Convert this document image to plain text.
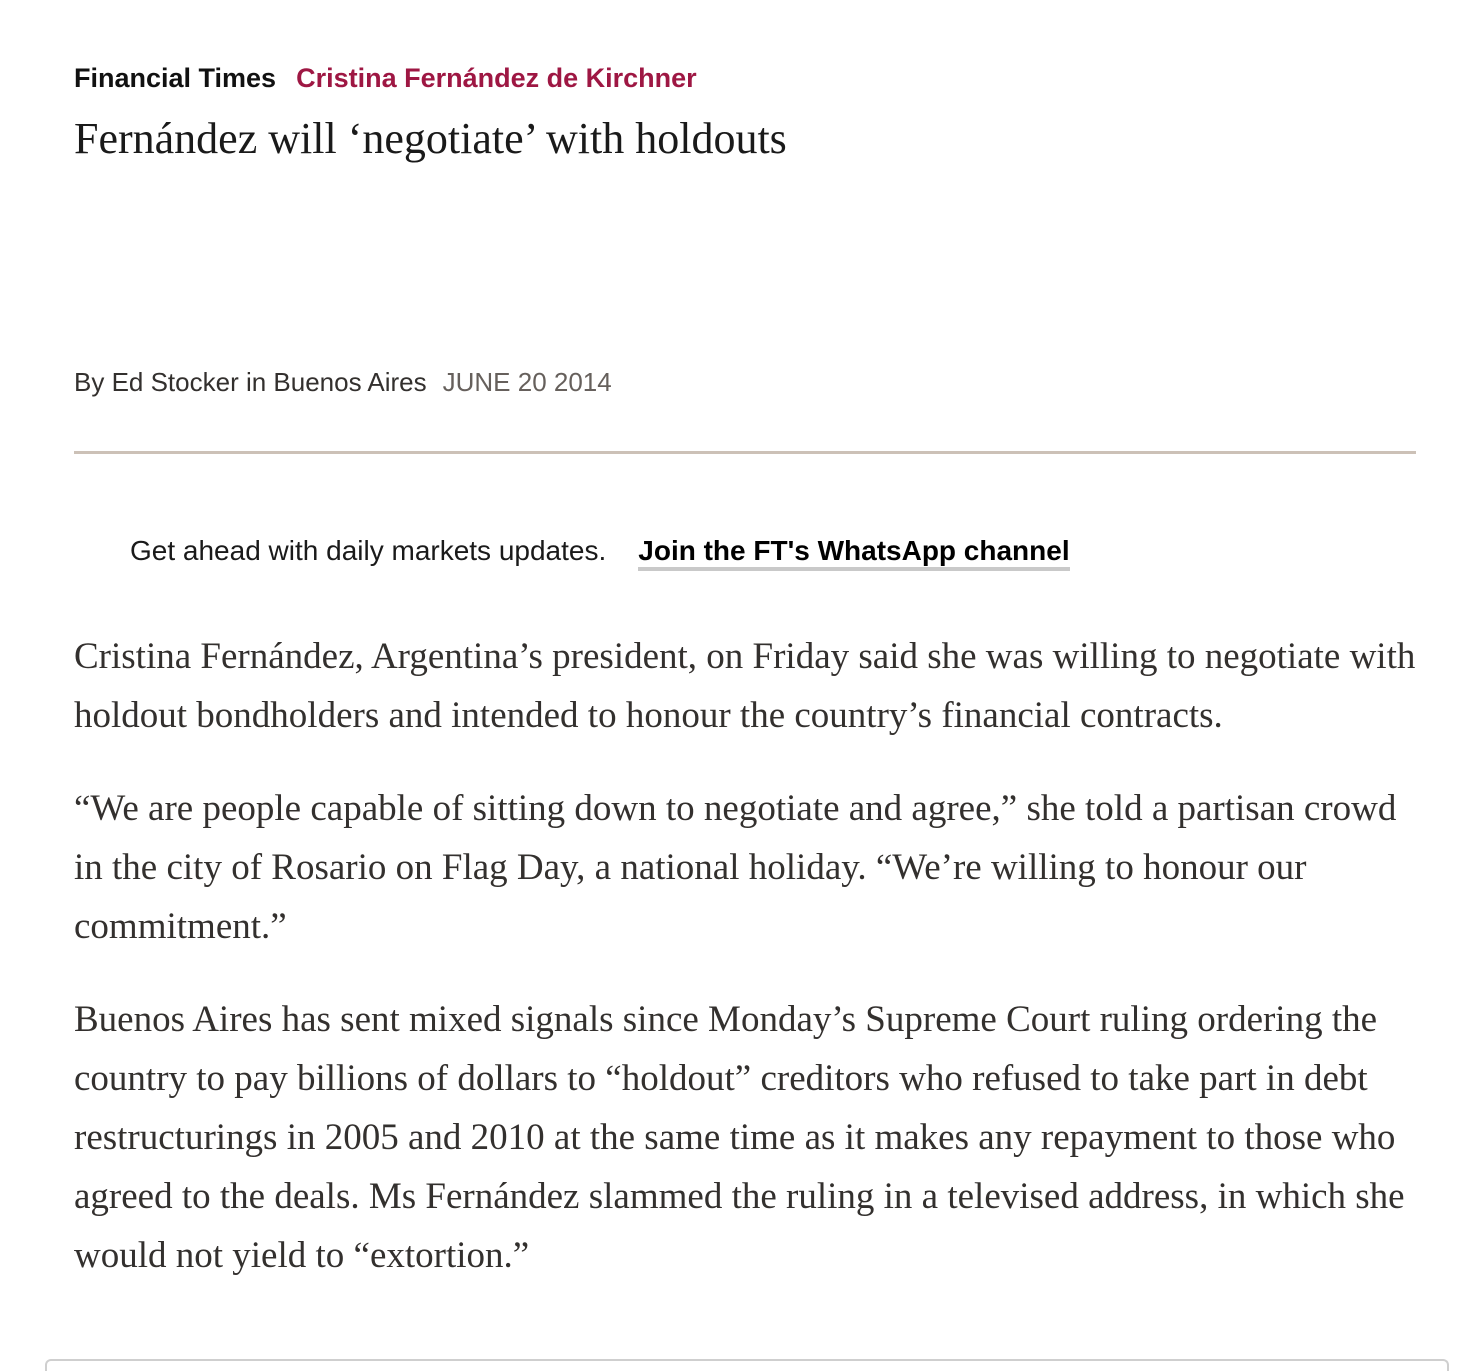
Financial Times Cristina Fernández de Kirchner
Fernández will ‘negotiate’ with holdouts
By Ed Stocker in Buenos Aires JUNE 20 2014
Get ahead with daily markets updates. Join the FT's WhatsApp channel

Cristina Fernández, Argentina’s president, on Friday said she was willing to negotiate with holdout bondholders and intended to honour the country’s financial contracts.

“We are people capable of sitting down to negotiate and agree,” she told a partisan crowd in the city of Rosario on Flag Day, a national holiday. “We’re willing to honour our commitment.”

Buenos Aires has sent mixed signals since Monday’s Supreme Court ruling ordering the country to pay billions of dollars to “holdout” creditors who refused to take part in debt restructurings in 2005 and 2010 at the same time as it makes any repayment to those who agreed to the deals. Ms Fernández slammed the ruling in a televised address, in which she would not yield to “extortion.”
